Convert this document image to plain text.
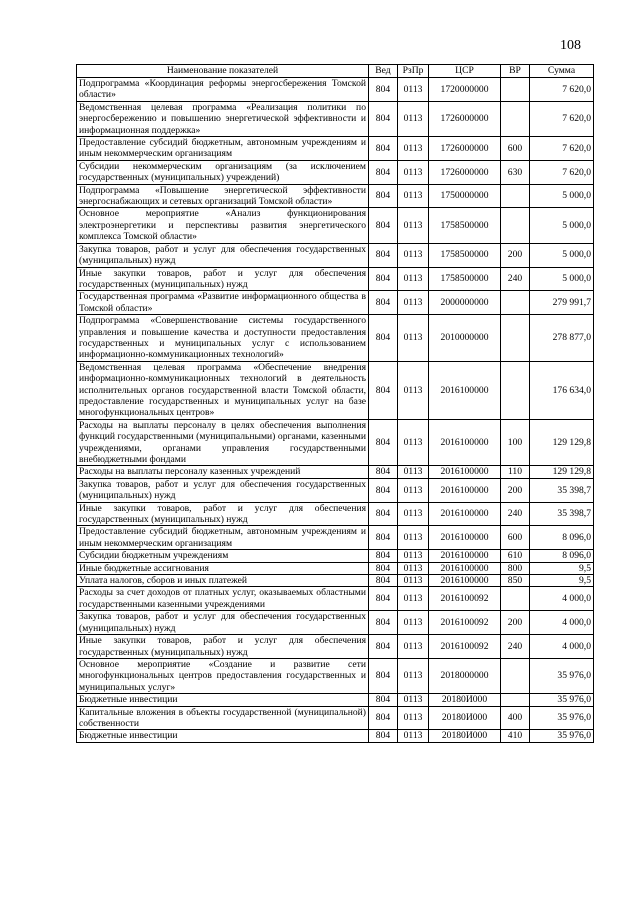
108
Наименование показателей	Вед	РзПр	ЦСР	ВР	Сумма
Подпрограмма «Координация реформы энергосбережения Томской области»	804	0113	1720000000		7 620,0
Ведомственная целевая программа «Реализация политики по энергосбережению и повышению энергетической эффективности и информационная поддержка»	804	0113	1726000000		7 620,0
Предоставление субсидий бюджетным, автономным учреждениям и иным некоммерческим организациям	804	0113	1726000000	600	7 620,0
Субсидии некоммерческим организациям (за исключением государственных (муниципальных) учреждений)	804	0113	1726000000	630	7 620,0
Подпрограмма «Повышение энергетической эффективности энергоснабжающих и сетевых организаций Томской области»	804	0113	1750000000		5 000,0
Основное мероприятие «Анализ функционирования электроэнергетики и перспективы развития энергетического комплекса Томской области»	804	0113	1758500000		5 000,0
Закупка товаров, работ и услуг для обеспечения государственных (муниципальных) нужд	804	0113	1758500000	200	5 000,0
Иные закупки товаров, работ и услуг для обеспечения государственных (муниципальных) нужд	804	0113	1758500000	240	5 000,0
Государственная программа «Развитие информационного общества в Томской области»	804	0113	2000000000		279 991,7
Подпрограмма «Совершенствование системы государственного управления и повышение качества и доступности предоставления государственных и муниципальных услуг с использованием информационно-коммуникационных технологий»	804	0113	2010000000		278 877,0
Ведомственная целевая программа «Обеспечение внедрения информационно-коммуникационных технологий в деятельность исполнительных органов государственной власти Томской области, предоставление государственных и муниципальных услуг на базе многофункциональных центров»	804	0113	2016100000		176 634,0
Расходы на выплаты персоналу в целях обеспечения выполнения функций государственными (муниципальными) органами, казенными учреждениями, органами управления государственными внебюджетными фондами	804	0113	2016100000	100	129 129,8
Расходы на выплаты персоналу казенных учреждений	804	0113	2016100000	110	129 129,8
Закупка товаров, работ и услуг для обеспечения государственных (муниципальных) нужд	804	0113	2016100000	200	35 398,7
Иные закупки товаров, работ и услуг для обеспечения государственных (муниципальных) нужд	804	0113	2016100000	240	35 398,7
Предоставление субсидий бюджетным, автономным учреждениям и иным некоммерческим организациям	804	0113	2016100000	600	8 096,0
Субсидии бюджетным учреждениям	804	0113	2016100000	610	8 096,0
Иные бюджетные ассигнования	804	0113	2016100000	800	9,5
Уплата налогов, сборов и иных платежей	804	0113	2016100000	850	9,5
Расходы за счет доходов от платных услуг, оказываемых областными государственными казенными учреждениями	804	0113	2016100092		4 000,0
Закупка товаров, работ и услуг для обеспечения государственных (муниципальных) нужд	804	0113	2016100092	200	4 000,0
Иные закупки товаров, работ и услуг для обеспечения государственных (муниципальных) нужд	804	0113	2016100092	240	4 000,0
Основное мероприятие «Создание и развитие сети многофункциональных центров предоставления государственных и муниципальных услуг»	804	0113	2018000000		35 976,0
Бюджетные инвестиции	804	0113	20180И000		35 976,0
Капитальные вложения в объекты государственной (муниципальной) собственности	804	0113	20180И000	400	35 976,0
Бюджетные инвестиции	804	0113	20180И000	410	35 976,0
